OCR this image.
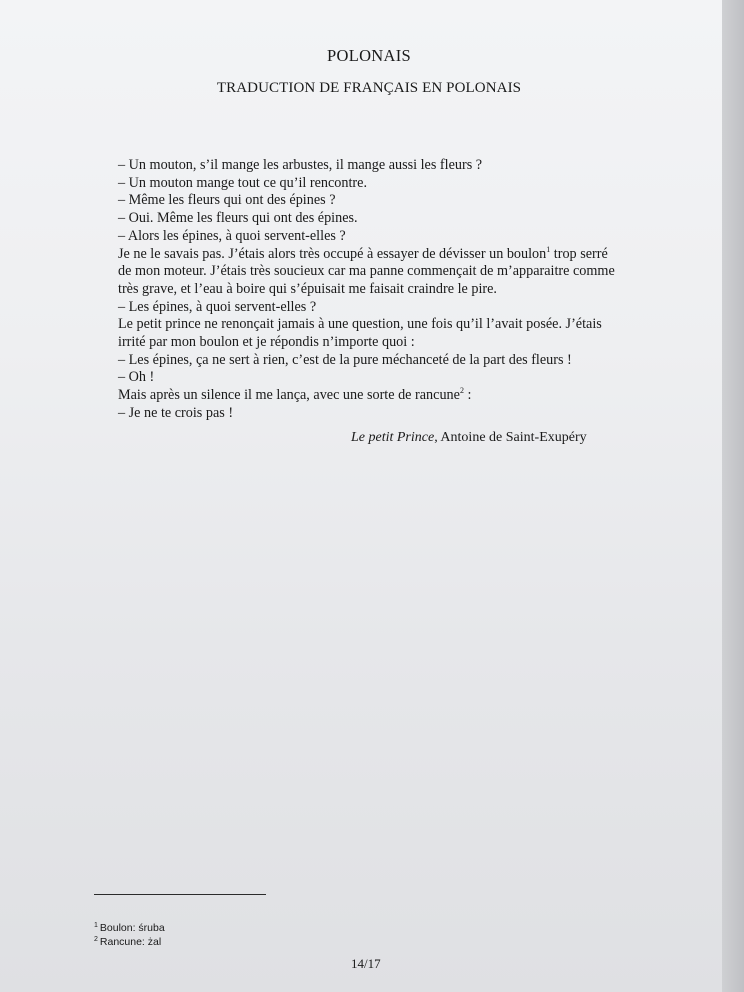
POLONAIS
TRADUCTION DE FRANÇAIS EN POLONAIS
– Un mouton, s’il mange les arbustes, il mange aussi les fleurs ?
– Un mouton mange tout ce qu’il rencontre.
– Même les fleurs qui ont des épines ?
– Oui. Même les fleurs qui ont des épines.
– Alors les épines, à quoi servent-elles ?
Je ne le savais pas. J’étais alors très occupé à essayer de dévisser un boulon$^1$ trop serré
de mon moteur. J’étais très soucieux car ma panne commençait de m’apparaitre comme
très grave, et l’eau à boire qui s’épuisait me faisait craindre le pire.
– Les épines, à quoi servent-elles ?
Le petit prince ne renonçait jamais à une question, une fois qu’il l’avait posée. J’étais
irrité par mon boulon et je répondis n’importe quoi :
– Les épines, ça ne sert à rien, c’est de la pure méchanceté de la part des fleurs !
– Oh !
Mais après un silence il me lança, avec une sorte de rancune$^2$ :
– Je ne te crois pas !
Le petit Prince, Antoine de Saint-Exupéry
$^1$ Boulon: śruba
$^2$ Rancune: żal
14/17
